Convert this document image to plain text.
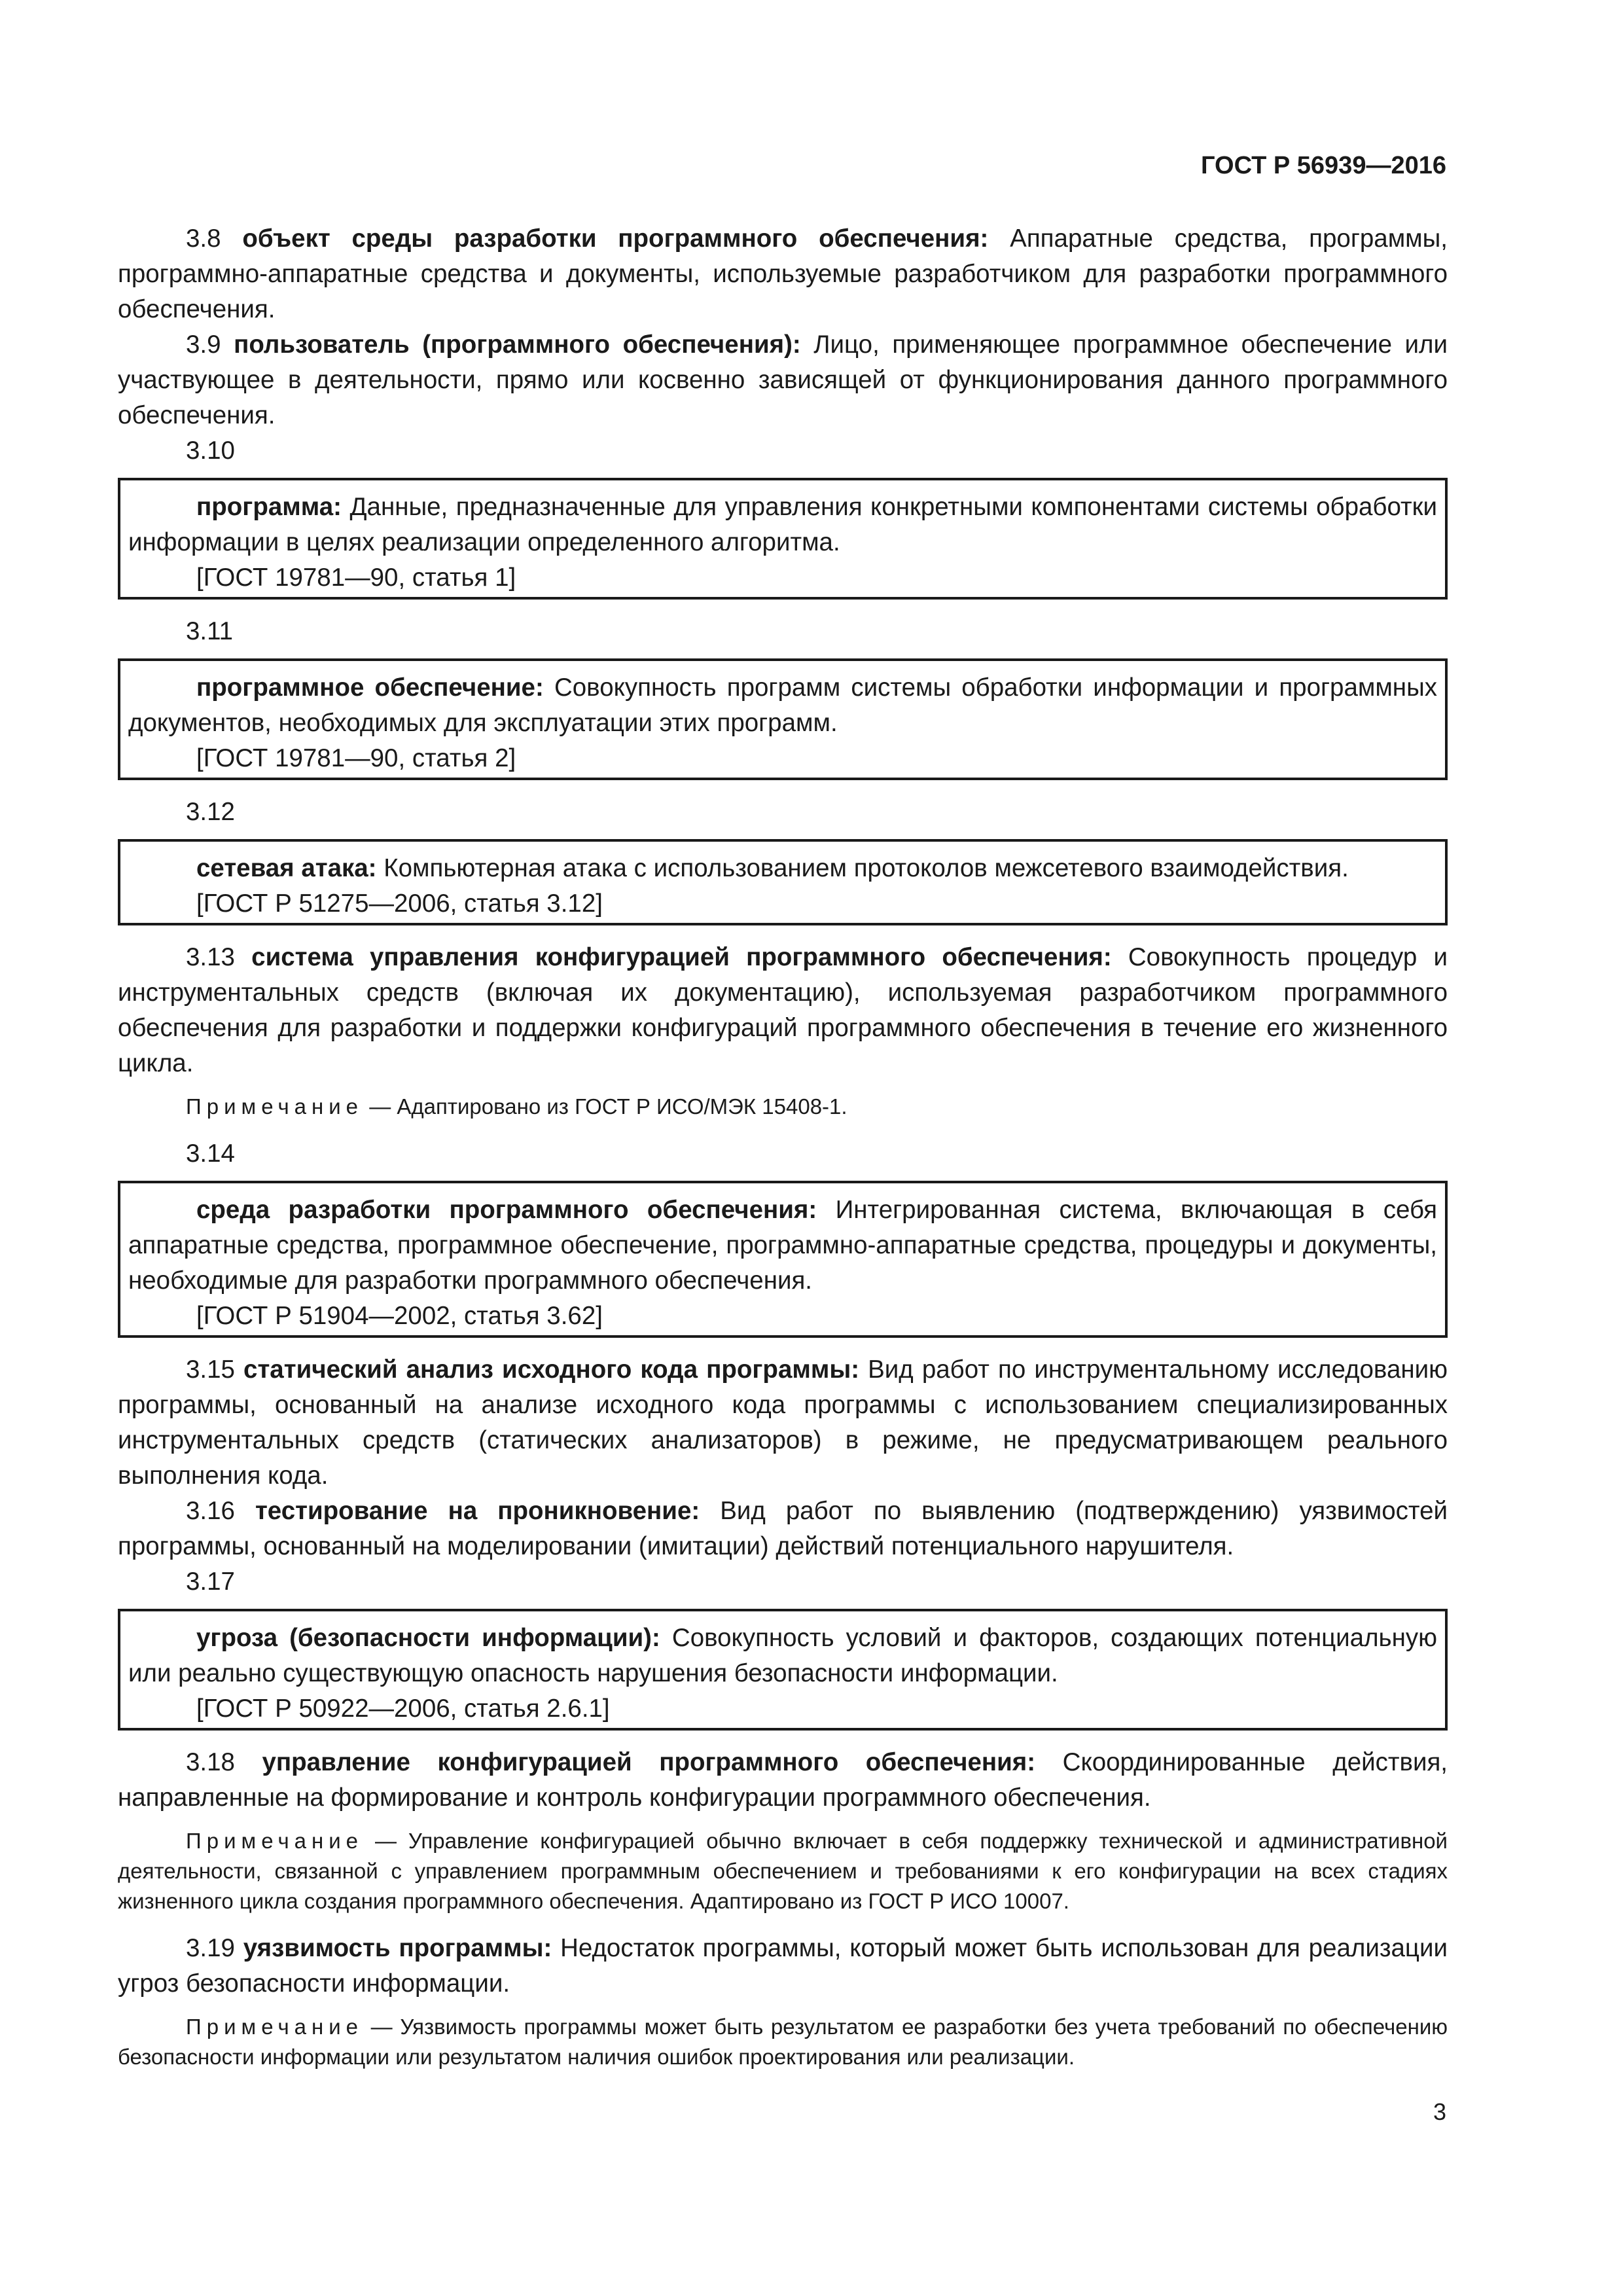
ГОСТ Р 56939—2016

3.8 объект среды разработки программного обеспечения: Аппаратные средства, программы, программно-аппаратные средства и документы, используемые разработчиком для разработки программного обеспечения.

3.9 пользователь (программного обеспечения): Лицо, применяющее программное обеспечение или участвующее в деятельности, прямо или косвенно зависящей от функционирования данного программного обеспечения.

3.10

программа: Данные, предназначенные для управления конкретными компонентами системы обработки информации в целях реализации определенного алгоритма.

[ГОСТ 19781—90, статья 1]

3.11

программное обеспечение: Совокупность программ системы обработки информации и программных документов, необходимых для эксплуатации этих программ.

[ГОСТ 19781—90, статья 2]

3.12

сетевая атака: Компьютерная атака с использованием протоколов межсетевого взаимодействия.

[ГОСТ Р 51275—2006, статья 3.12]

3.13 система управления конфигурацией программного обеспечения: Совокупность процедур и инструментальных средств (включая их документацию), используемая разработчиком программного обеспечения для разработки и поддержки конфигураций программного обеспечения в течение его жизненного цикла.

Примечание — Адаптировано из ГОСТ Р ИСО/МЭК 15408-1.

3.14

среда разработки программного обеспечения: Интегрированная система, включающая в себя аппаратные средства, программное обеспечение, программно-аппаратные средства, процедуры и документы, необходимые для разработки программного обеспечения.

[ГОСТ Р 51904—2002, статья 3.62]

3.15 статический анализ исходного кода программы: Вид работ по инструментальному исследованию программы, основанный на анализе исходного кода программы с использованием специализированных инструментальных средств (статических анализаторов) в режиме, не предусматривающем реального выполнения кода.

3.16 тестирование на проникновение: Вид работ по выявлению (подтверждению) уязвимостей программы, основанный на моделировании (имитации) действий потенциального нарушителя.

3.17

угроза (безопасности информации): Совокупность условий и факторов, создающих потенциальную или реально существующую опасность нарушения безопасности информации.

[ГОСТ Р 50922—2006, статья 2.6.1]

3.18 управление конфигурацией программного обеспечения: Скоординированные действия, направленные на формирование и контроль конфигурации программного обеспечения.

Примечание — Управление конфигурацией обычно включает в себя поддержку технической и административной деятельности, связанной с управлением программным обеспечением и требованиями к его конфигурации на всех стадиях жизненного цикла создания программного обеспечения. Адаптировано из ГОСТ Р ИСО 10007.

3.19 уязвимость программы: Недостаток программы, который может быть использован для реализации угроз безопасности информации.

Примечание — Уязвимость программы может быть результатом ее разработки без учета требований по обеспечению безопасности информации или результатом наличия ошибок проектирования или реализации.

3
